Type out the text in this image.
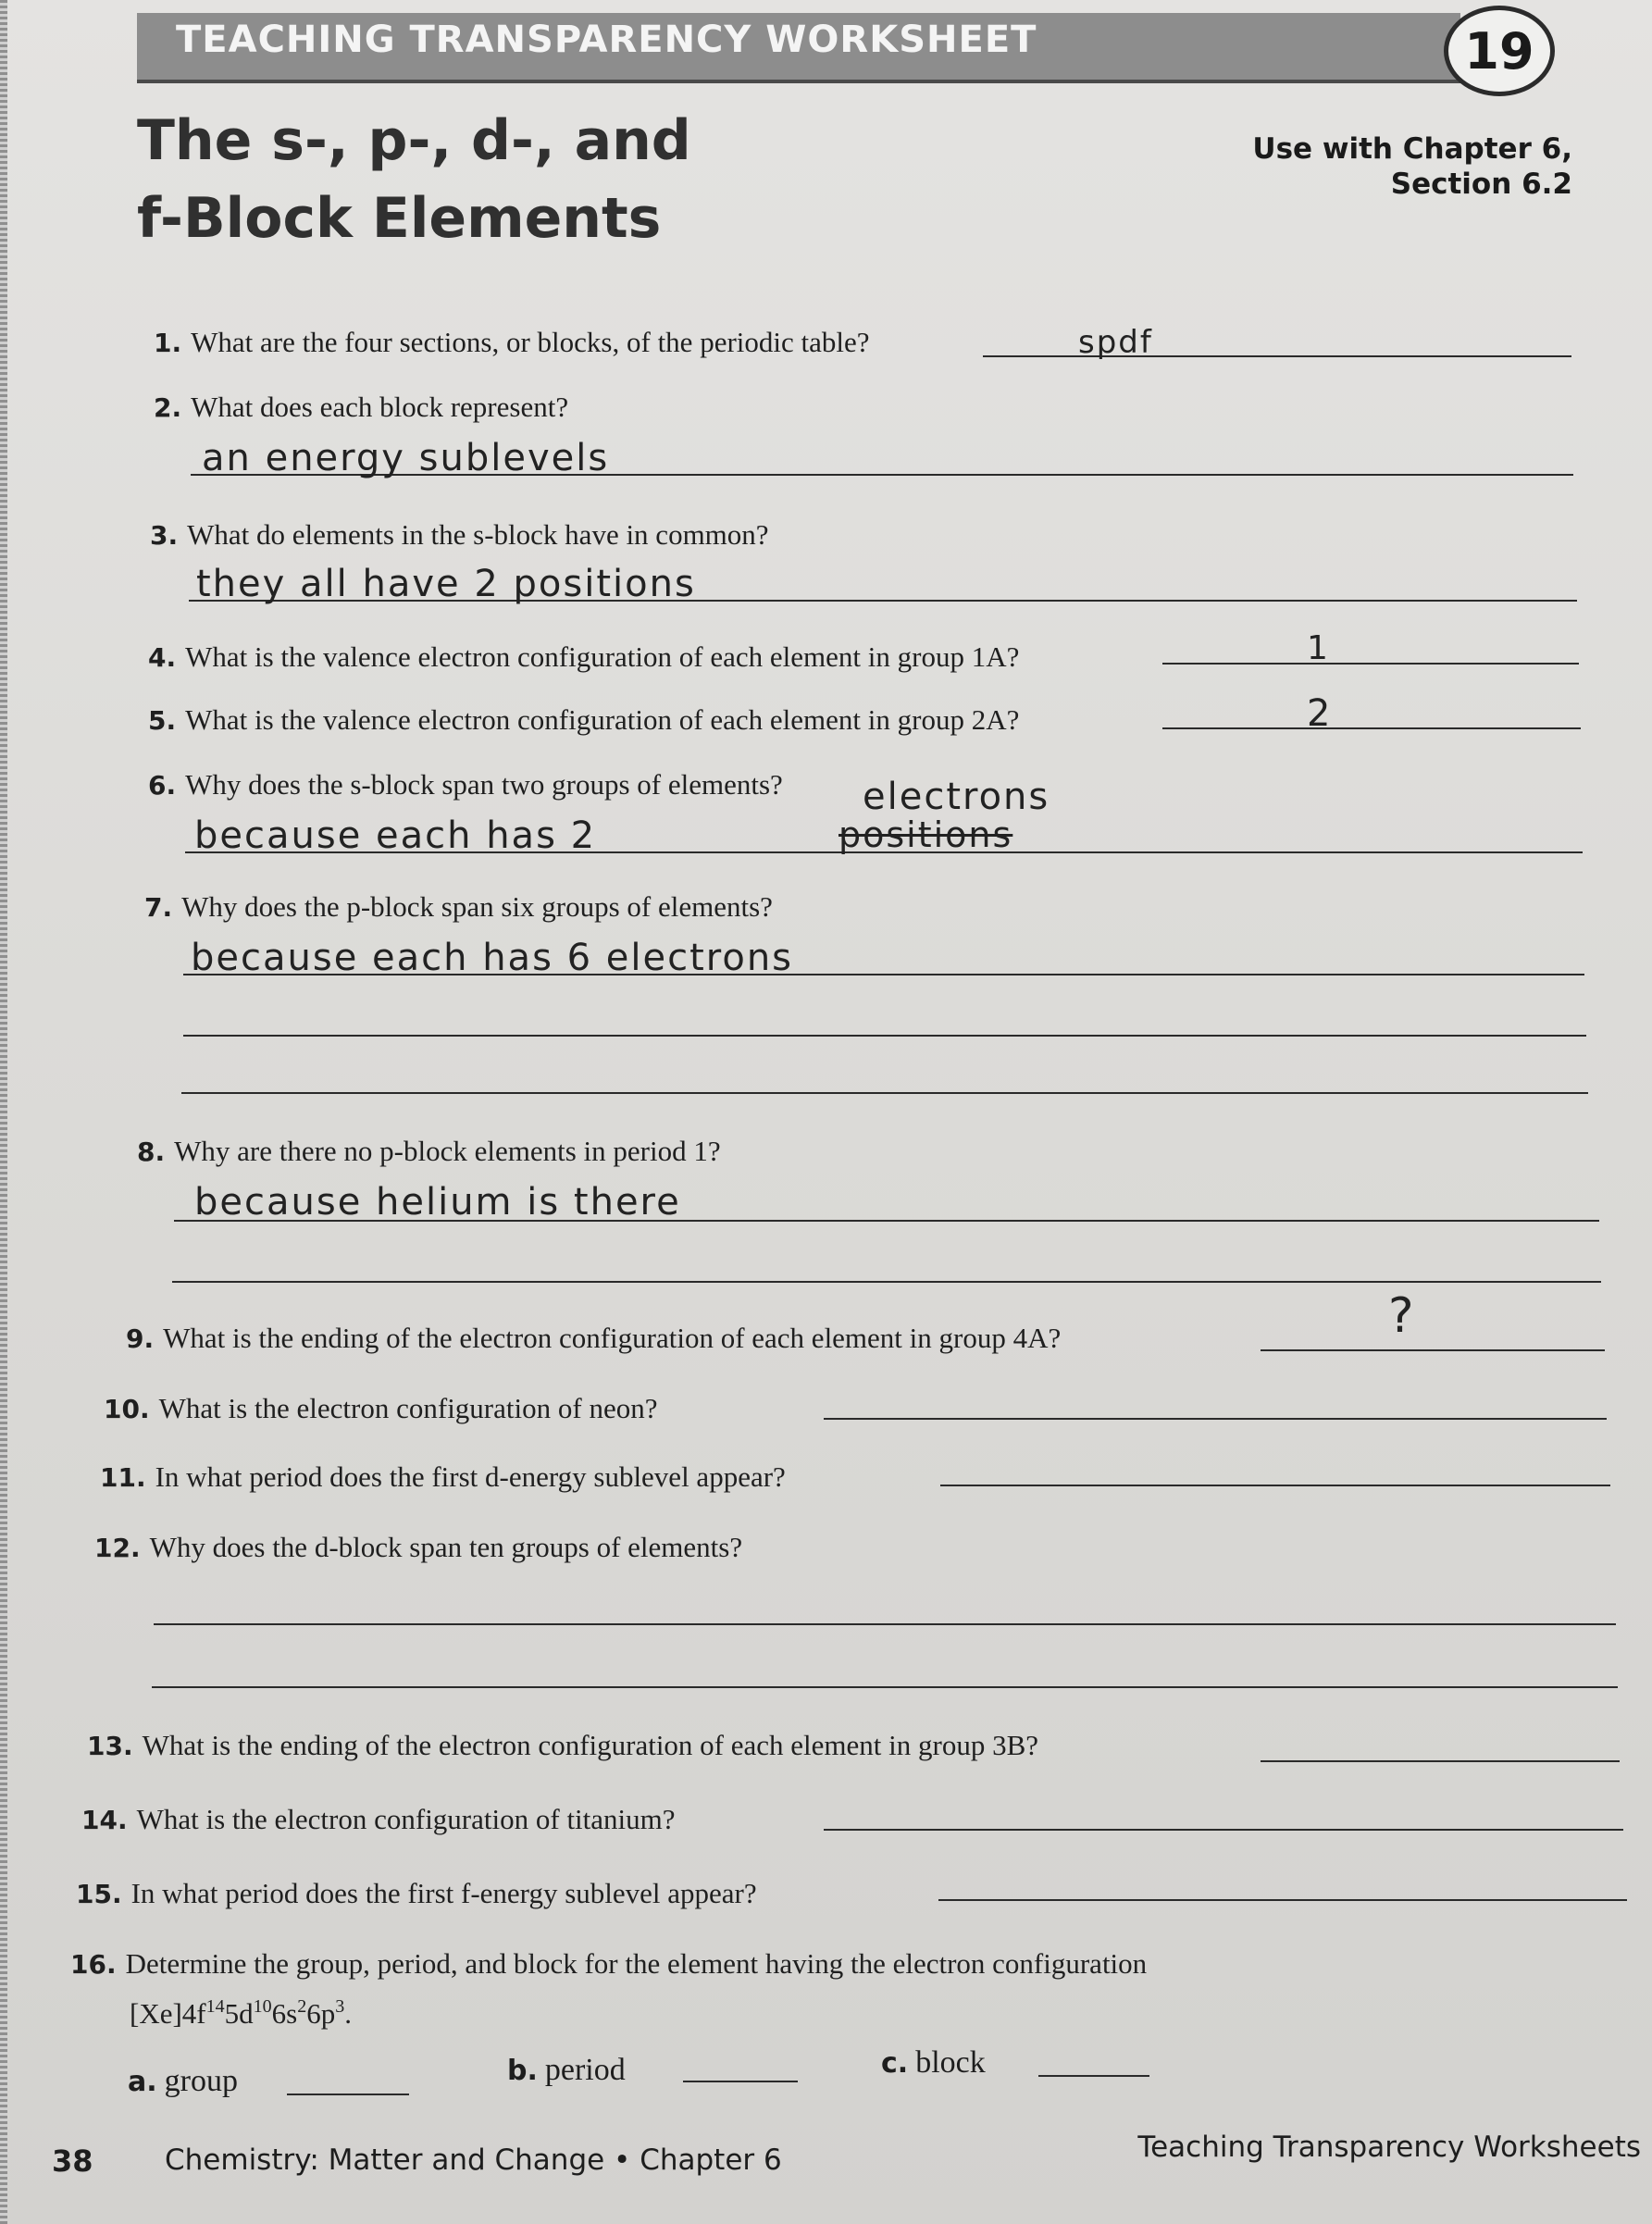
TEACHING TRANSPARENCY WORKSHEET	19
The s-, p-, d-, and
f-Block Elements
Use with Chapter 6,
Section 6.2
1. What are the four sections, or blocks, of the periodic table?	spdf
2. What does each block represent?
an energy sublevels
3. What do elements in the s-block have in common?
they all have 2 positions
4. What is the valence electron configuration of each element in group 1A?	1
5. What is the valence electron configuration of each element in group 2A?	2
6. Why does the s-block span two groups of elements?
because each has 2	positions
electrons
7. Why does the p-block span six groups of elements?
because each has 6 electrons
8. Why are there no p-block elements in period 1?
because helium is there
9. What is the ending of the electron configuration of each element in group 4A?	?
10. What is the electron configuration of neon?
11. In what period does the first d-energy sublevel appear?
12. Why does the d-block span ten groups of elements?
13. What is the ending of the electron configuration of each element in group 3B?
14. What is the electron configuration of titanium?
15. In what period does the first f-energy sublevel appear?
16. Determine the group, period, and block for the element having the electron configuration
$[Xe]4f^{14}5d^{10}6s^26p^3$.
a. group	b. period	c. block
38 Chemistry: Matter and Change • Chapter 6	Teaching Transparency Worksheets
